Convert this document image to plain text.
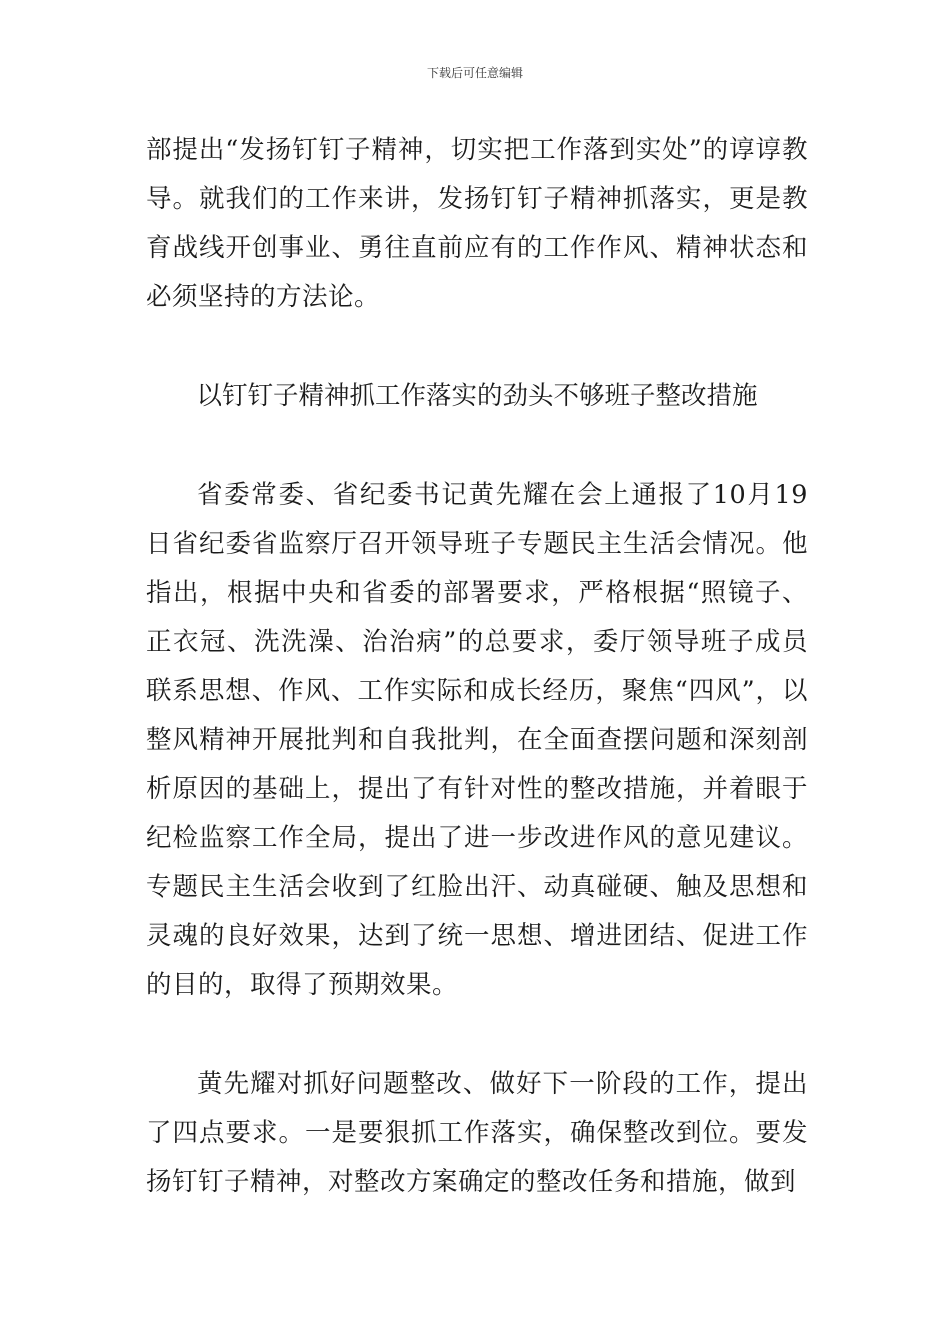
下载后可任意编辑

部提出“发扬钉钉子精神，切实把工作落到实处”的谆谆教导。就我们的工作来讲，发扬钉钉子精神抓落实，更是教育战线开创事业、勇往直前应有的工作作风、精神状态和必须坚持的方法论。

以钉钉子精神抓工作落实的劲头不够班子整改措施

省委常委、省纪委书记黄先耀在会上通报了10月19日省纪委省监察厅召开领导班子专题民主生活会情况。他指出，根据中央和省委的部署要求，严格根据“照镜子、正衣冠、洗洗澡、治治病”的总要求，委厅领导班子成员联系思想、作风、工作实际和成长经历，聚焦“四风”，以整风精神开展批判和自我批判，在全面查摆问题和深刻剖析原因的基础上，提出了有针对性的整改措施，并着眼于纪检监察工作全局，提出了进一步改进作风的意见建议。专题民主生活会收到了红脸出汗、动真碰硬、触及思想和灵魂的良好效果，达到了统一思想、增进团结、促进工作的目的，取得了预期效果。

黄先耀对抓好问题整改、做好下一阶段的工作，提出了四点要求。一是要狠抓工作落实，确保整改到位。要发扬钉钉子精神，对整改方案确定的整改任务和措施，做到
